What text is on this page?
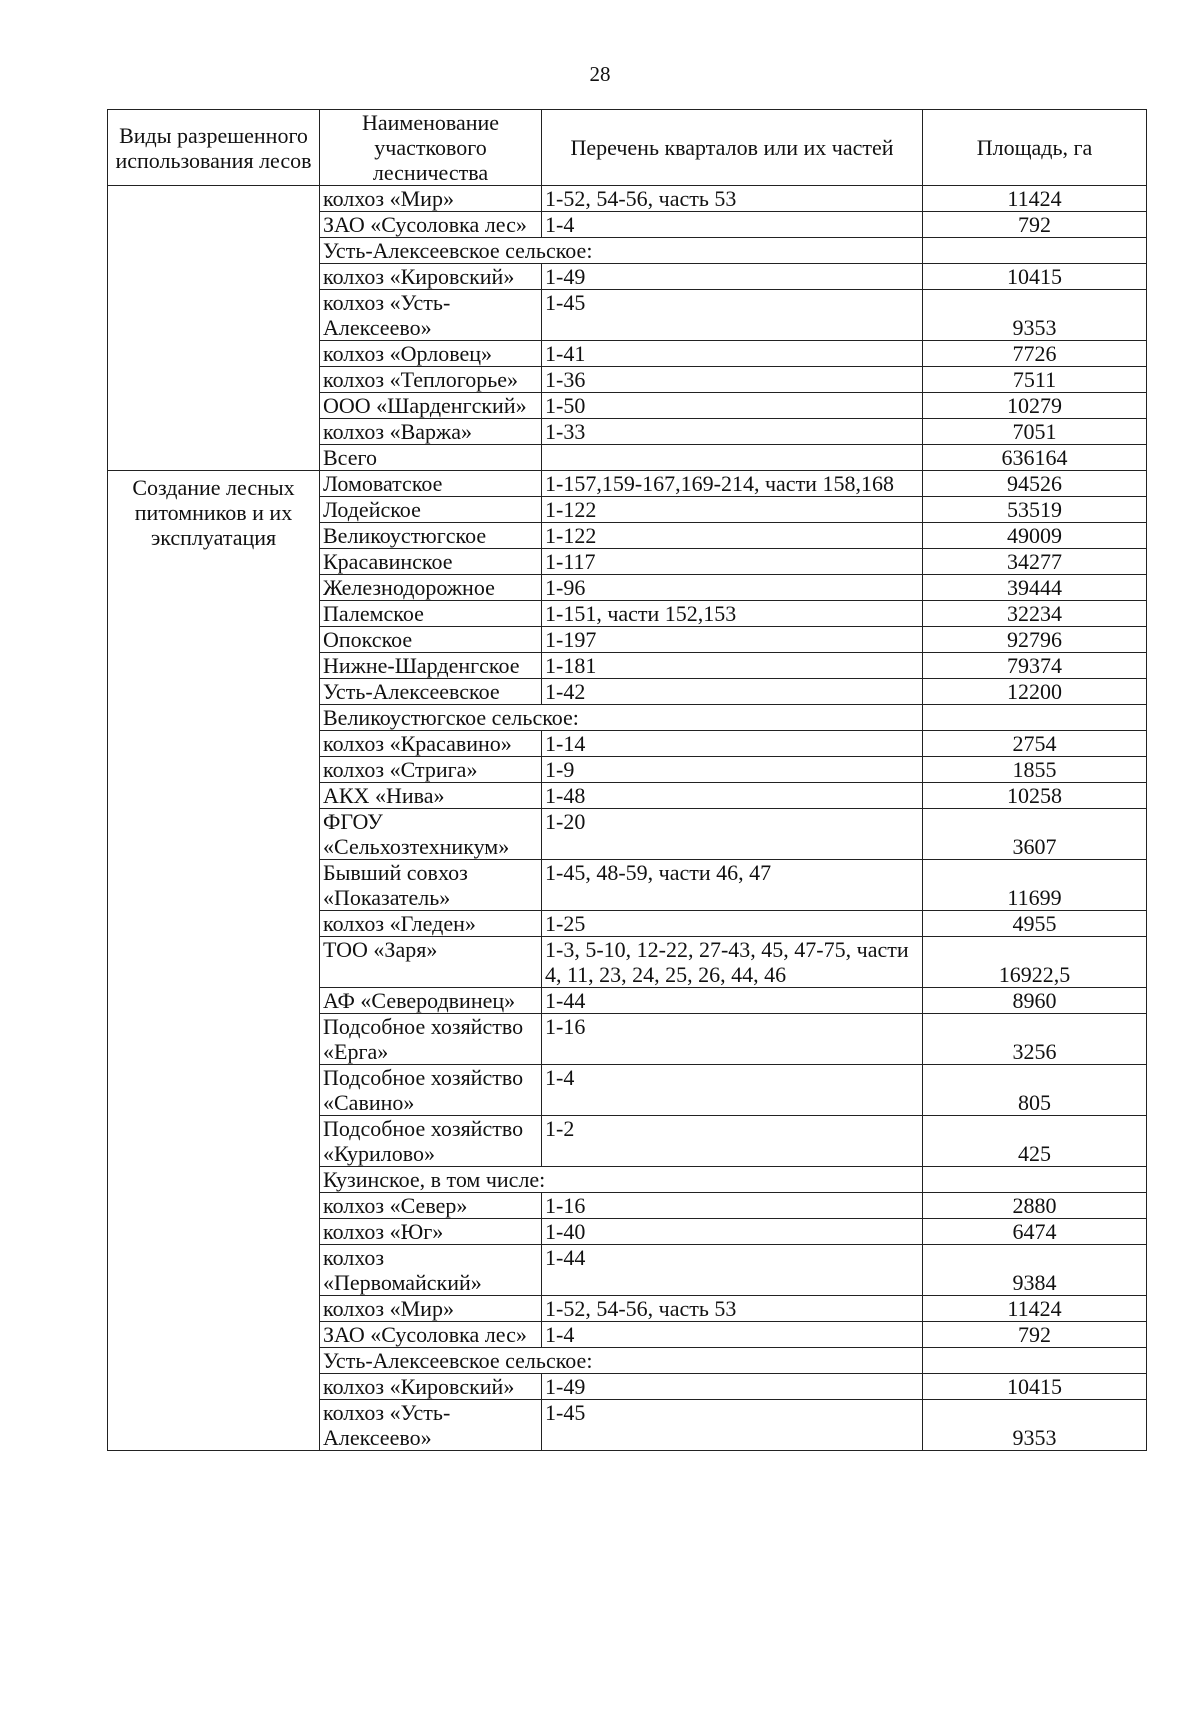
28
Виды разрешенного использования лесов	Наименование участкового лесничества	Перечень кварталов или их частей	Площадь, га
	колхоз «Мир»	1-52, 54-56, часть 53	11424
	ЗАО «Сусоловка лес»	1-4	792
	Усть-Алексеевское сельское:		
	колхоз «Кировский»	1-49	10415
	колхоз «Усть-Алексеево»	1-45	9353
	колхоз «Орловец»	1-41	7726
	колхоз «Теплогорье»	1-36	7511
	ООО «Шарденгский»	1-50	10279
	колхоз «Варжа»	1-33	7051
	Всего		636164
Создание лесных питомников и их эксплуатация	Ломоватское	1-157,159-167,169-214, части 158,168	94526
	Лодейское	1-122	53519
	Великоустюгское	1-122	49009
	Красавинское	1-117	34277
	Железнодорожное	1-96	39444
	Палемское	1-151, части 152,153	32234
	Опокское	1-197	92796
	Нижне-Шарденгское	1-181	79374
	Усть-Алексеевское	1-42	12200
	Великоустюгское сельское:		
	колхоз «Красавино»	1-14	2754
	колхоз «Стрига»	1-9	1855
	АКХ «Нива»	1-48	10258
	ФГОУ «Сельхозтехникум»	1-20	3607
	Бывший совхоз «Показатель»	1-45, 48-59, части 46, 47	11699
	колхоз «Гледен»	1-25	4955
	ТОО «Заря»	1-3, 5-10, 12-22, 27-43, 45, 47-75, части 4, 11, 23, 24, 25, 26, 44, 46	16922,5
	АФ «Северодвинец»	1-44	8960
	Подсобное хозяйство «Ерга»	1-16	3256
	Подсобное хозяйство «Савино»	1-4	805
	Подсобное хозяйство «Курилово»	1-2	425
	Кузинское, в том числе:		
	колхоз «Север»	1-16	2880
	колхоз «Юг»	1-40	6474
	колхоз «Первомайский»	1-44	9384
	колхоз «Мир»	1-52, 54-56, часть 53	11424
	ЗАО «Сусоловка лес»	1-4	792
	Усть-Алексеевское сельское:		
	колхоз «Кировский»	1-49	10415
	колхоз «Усть-Алексеево»	1-45	9353
